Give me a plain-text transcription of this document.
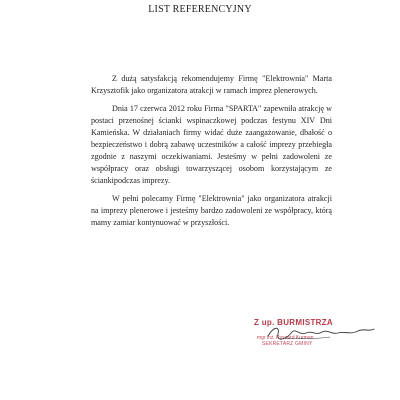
LIST REFERENCYJNY

Z dużą satysfakcją rekomendujemy Firmę "Elektrownia" Marta Krzysztofik jako organizatora atrakcji w ramach imprez plenerowych.

Dnia 17 czerwca 2012 roku Firma "SPARTA" zapewniła atrakcję w postaci przenośnej ścianki wspinaczkowej podczas festynu XIV Dni Kamieńska. W działaniach firmy widać duże zaangażowanie, dbałość o bezpieczeństwo i dobrą zabawę uczestników a całość imprezy przebiegła zgodnie z naszymi oczekiwaniami. Jesteśmy w pełni zadowoleni ze współpracy oraz obsługi towarzyszącej osobom korzystającym ze ściankipodczas imprezy.

W pełni polecamy Firmę "Elektrownia" jako organizatora atrakcji na imprezy plenerowe i jesteśmy bardzo zadowoleni ze współpracy, którą mamy zamiar kontynuować w przyszłości.

Z up. BURMISTRZA
mgr inż. Ryszard Kurman
SEKRETARZ GMINY
